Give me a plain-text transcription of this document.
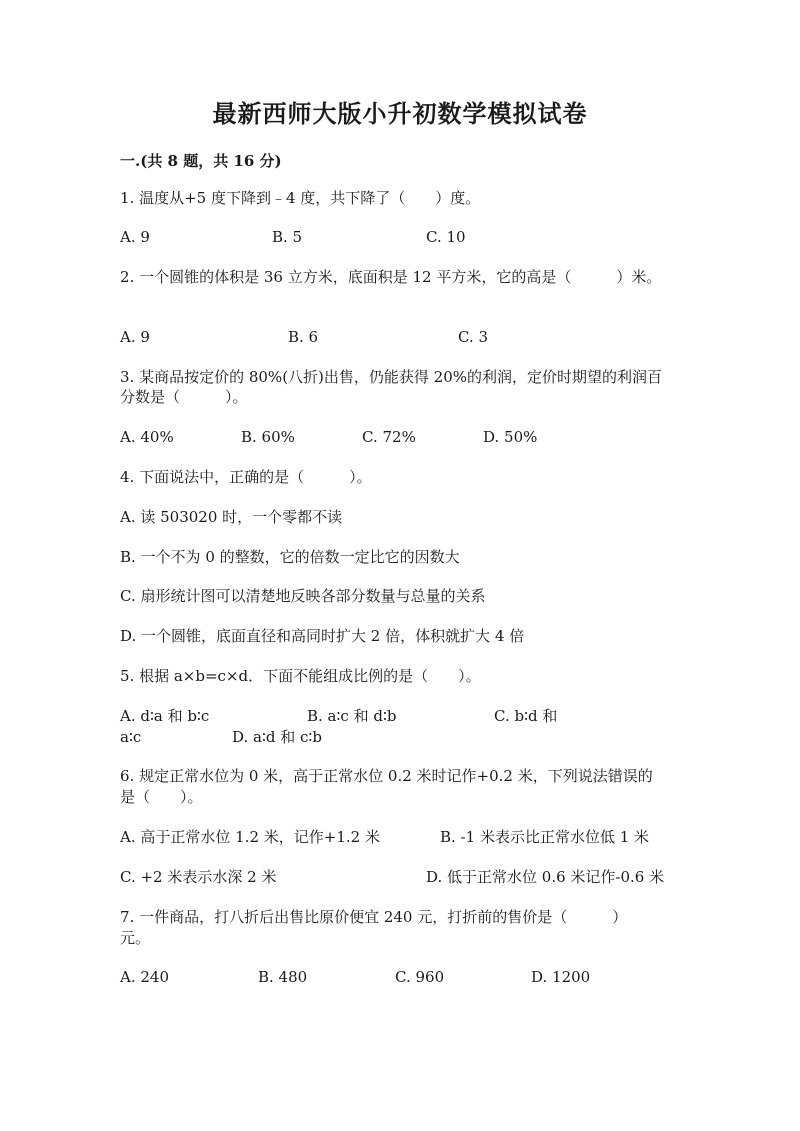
最新西师大版小升初数学模拟试卷
一.(共 8 题，共 16 分)
1. 温度从+5 度下降到﹣4 度，共下降了（　　）度。
A. 9	B. 5	C. 10
2. 一个圆锥的体积是 36 立方米，底面积是 12 平方米，它的高是（　　　）米。
A. 9	B. 6	C. 3
3. 某商品按定价的 80%(八折)出售，仍能获得 20%的利润，定价时期望的利润百
分数是（　　　）。
A. 40%	B. 60%	C. 72%	D. 50%
4. 下面说法中，正确的是（　　　）。
A. 读 503020 时，一个零都不读
B. 一个不为 0 的整数，它的倍数一定比它的因数大
C. 扇形统计图可以清楚地反映各部分数量与总量的关系
D. 一个圆锥，底面直径和高同时扩大 2 倍，体积就扩大 4 倍
5. 根据 a×b=c×d．下面不能组成比例的是（　　）。
A. d∶a 和 b∶c	B. a∶c 和 d∶b	C. b∶d 和
a∶c	D. a∶d 和 c∶b
6. 规定正常水位为 0 米，高于正常水位 0.2 米时记作+0.2 米，下列说法错误的
是（　　）。
A. 高于正常水位 1.2 米，记作+1.2 米	B. -1 米表示比正常水位低 1 米
C. +2 米表示水深 2 米	D. 低于正常水位 0.6 米记作-0.6 米
7. 一件商品，打八折后出售比原价便宜 240 元，打折前的售价是（　　　）
元。
A. 240	B. 480	C. 960	D. 1200
